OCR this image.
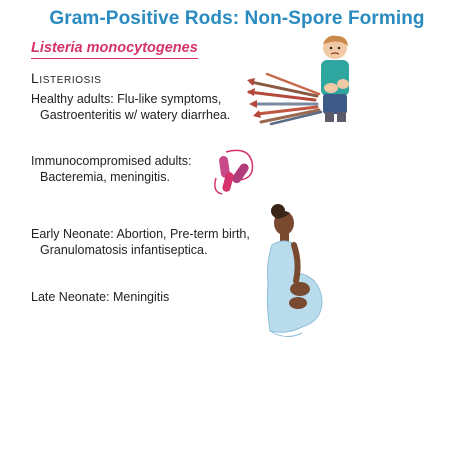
Gram-Positive Rods: Non-Spore Forming
Listeria monocytogenes
Listeriosis
Healthy adults: Flu-like symptoms,
Gastroenteritis w/ watery diarrhea.
Immunocompromised adults:
Bacteremia, meningitis.
Early Neonate: Abortion, Pre-term birth,
Granulomatosis infantiseptica.
Late Neonate: Meningitis
